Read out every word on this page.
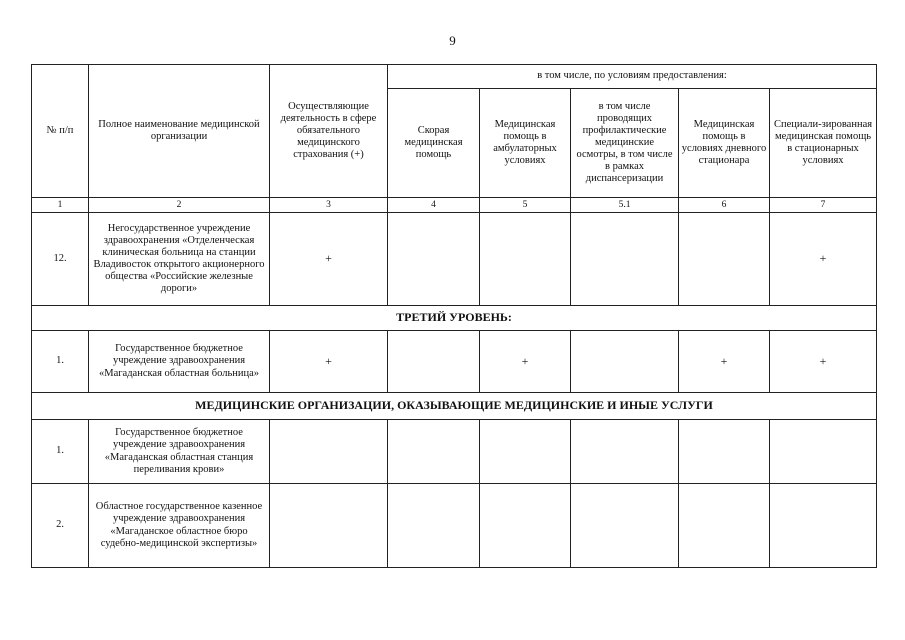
9
№ п/п	Полное наименование медицинской организации	Осуществляющие деятельность в сфере обязательного медицинского страхования (+)	в том числе, по условиям предоставления:				
			Скорая медицинская помощь	Медицинская помощь в амбулаторных условиях	в том числе проводящих профилактические медицинские осмотры, в том числе в рамках диспансеризации	Медицинская помощь в условиях дневного стационара	Специали-зированная медицинская помощь в стационарных условиях
1	2	3	4	5	5.1	6	7
12.	Негосударственное учреждение здравоохранения «Отделенческая клиническая больница на станции Владивосток открытого акционерного общества «Российские железные дороги»	+					+
ТРЕТИЙ УРОВЕНЬ:							
1.	Государственное бюджетное учреждение здравоохранения «Магаданская областная больница»	+		+		+	+
МЕДИЦИНСКИЕ ОРГАНИЗАЦИИ, ОКАЗЫВАЮЩИЕ МЕДИЦИНСКИЕ И ИНЫЕ УСЛУГИ							
1.	Государственное бюджетное учреждение здравоохранения «Магаданская областная станция переливания крови»						
2.	Областное государственное казенное учреждение здравоохранения «Магаданское областное бюро судебно-медицинской экспертизы»						
